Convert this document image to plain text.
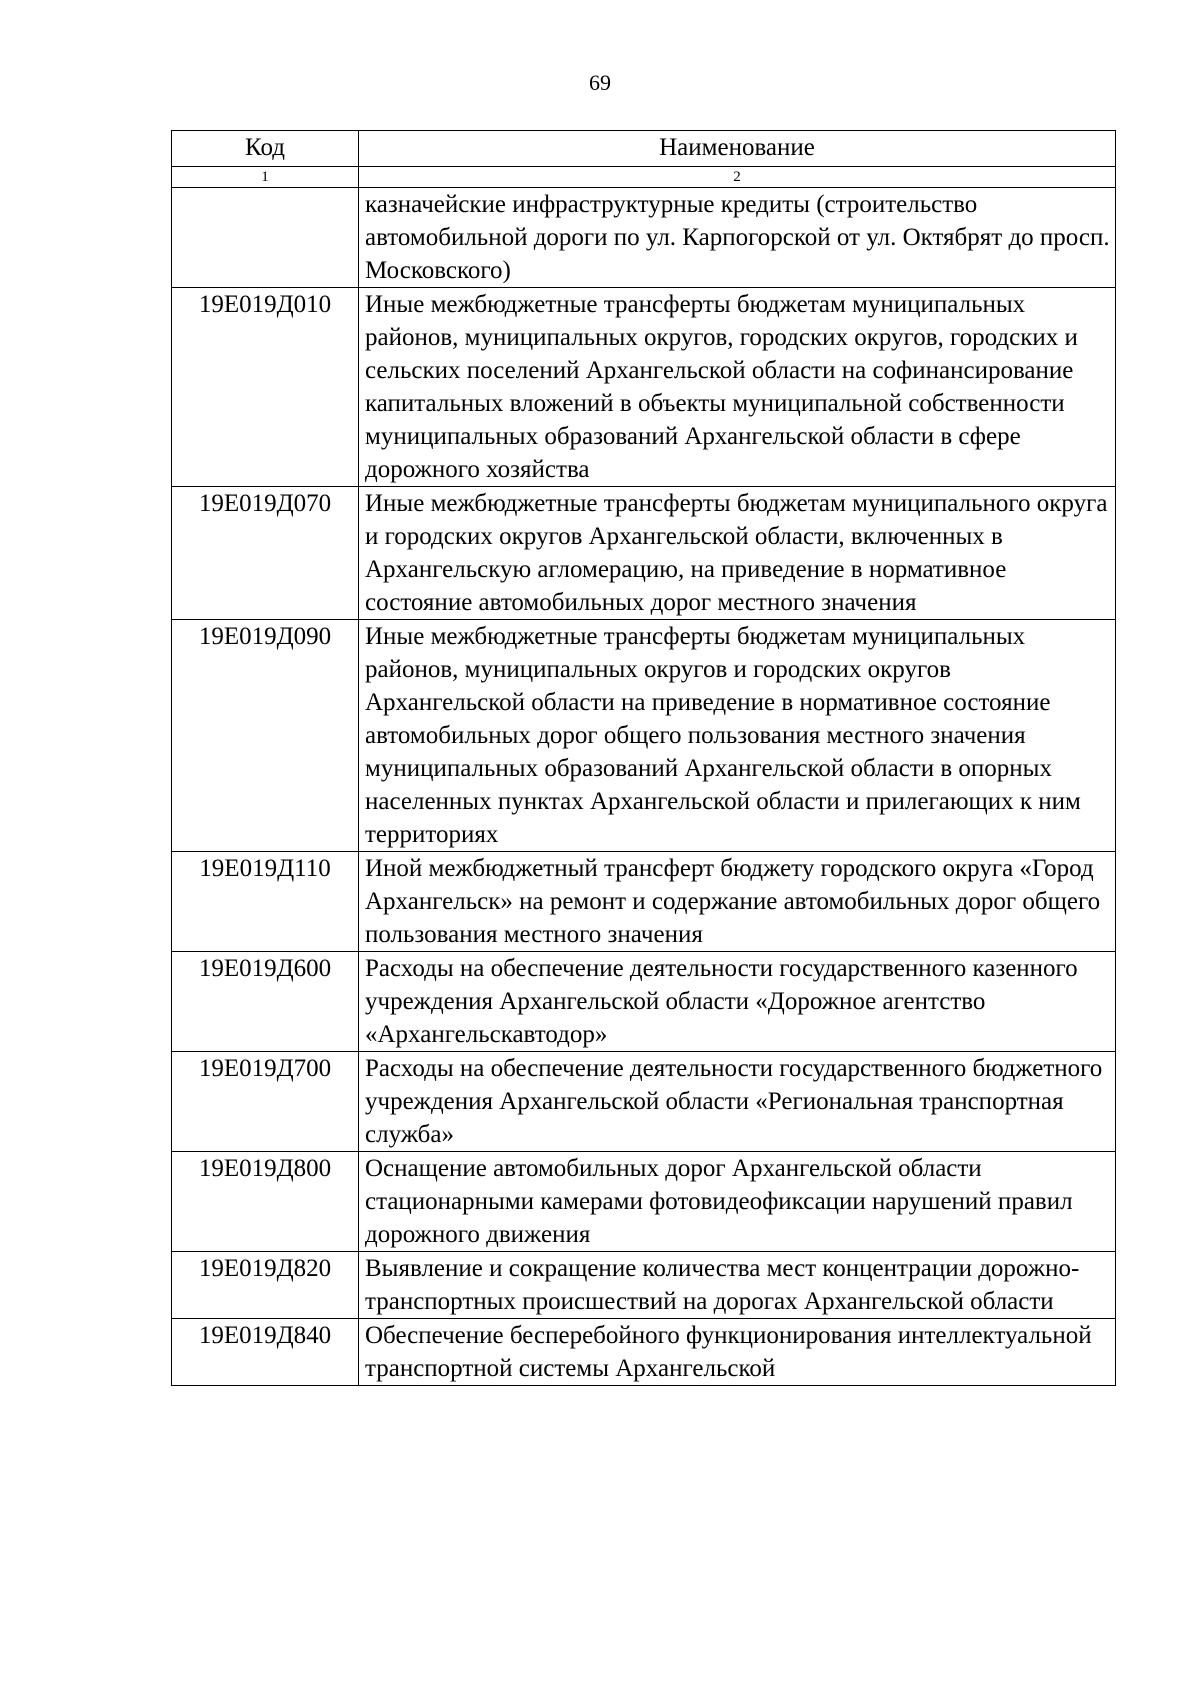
69
Код	Наименование
1	2
	казначейские инфраструктурные кредиты (строительство автомобильной дороги по ул. Карпогорской от ул. Октябрят до просп. Московского)
19Е019Д010	Иные межбюджетные трансферты бюджетам муниципальных районов, муниципальных округов, городских округов, городских и сельских поселений Архангельской области на софинансирование капитальных вложений в объекты муниципальной собственности муниципальных образований Архангельской области в сфере дорожного хозяйства
19Е019Д070	Иные межбюджетные трансферты бюджетам муниципального округа и городских округов Архангельской области, включенных в Архангельскую агломерацию, на приведение в нормативное состояние автомобильных дорог местного значения
19Е019Д090	Иные межбюджетные трансферты бюджетам муниципальных районов, муниципальных округов и городских округов Архангельской области на приведение в нормативное состояние автомобильных дорог общего пользования местного значения муниципальных образований Архангельской области в опорных населенных пунктах Архангельской области и прилегающих к ним территориях
19Е019Д110	Иной межбюджетный трансферт бюджету городского округа «Город Архангельск» на ремонт и содержание автомобильных дорог общего пользования местного значения
19Е019Д600	Расходы на обеспечение деятельности государственного казенного учреждения Архангельской области «Дорожное агентство «Архангельскавтодор»
19Е019Д700	Расходы на обеспечение деятельности государственного бюджетного учреждения Архангельской области «Региональная транспортная служба»
19Е019Д800	Оснащение автомобильных дорог Архангельской области стационарными камерами фотовидеофиксации нарушений правил дорожного движения
19Е019Д820	Выявление и сокращение количества мест концентрации дорожно-транспортных происшествий на дорогах Архангельской области
19Е019Д840	Обеспечение бесперебойного функционирования интеллектуальной транспортной системы Архангельской
